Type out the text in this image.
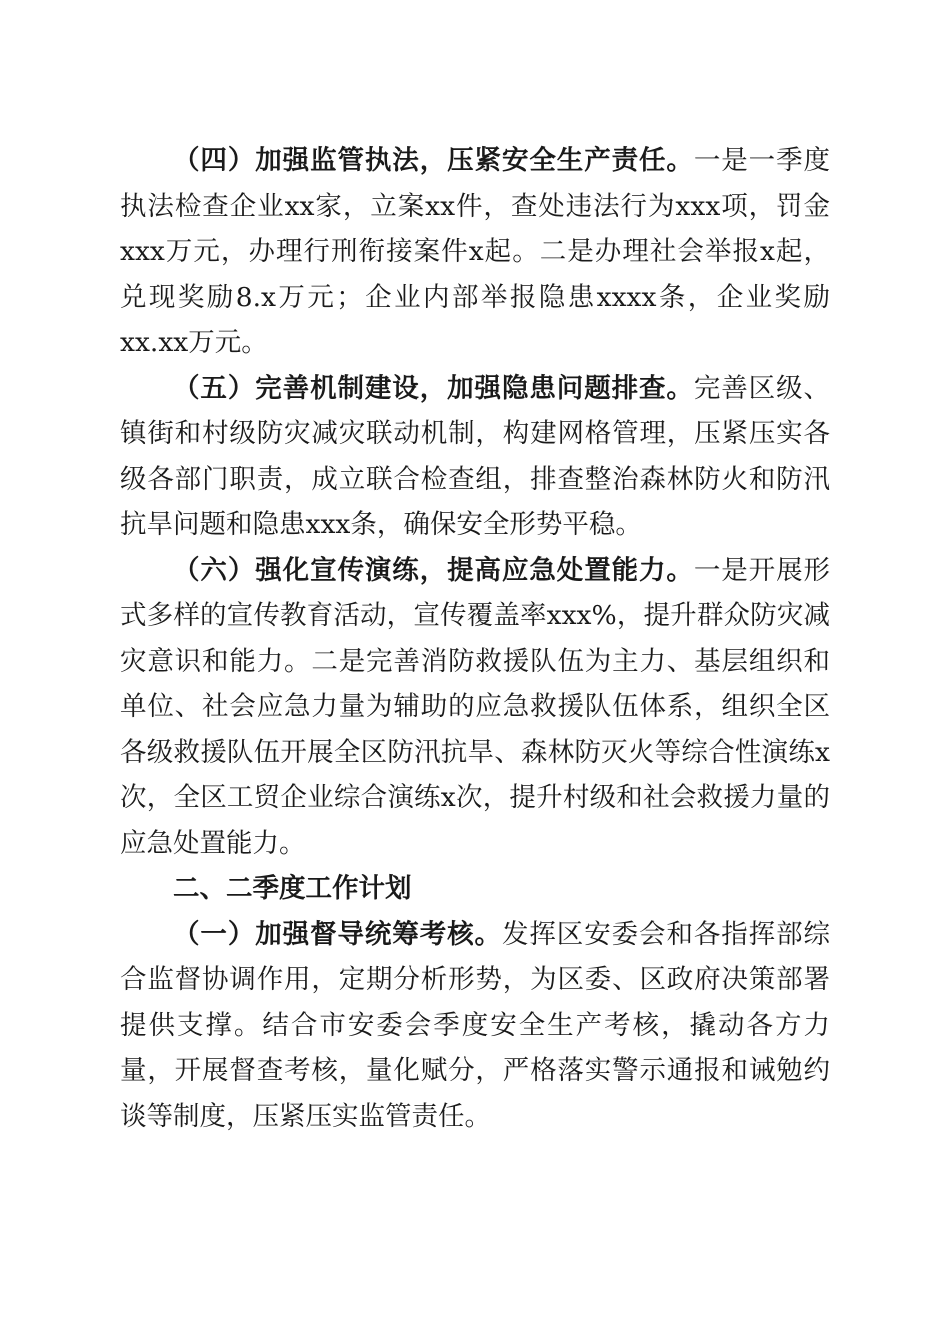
（四）加强监管执法，压紧安全生产责任。一是一季度执法检查企业xx家，立案xx件，查处违法行为xxx项，罚金xxx万元，办理行刑衔接案件x起。二是办理社会举报x起，兑现奖励8.x万元；企业内部举报隐患xxxx条，企业奖励xx.xx万元。

（五）完善机制建设，加强隐患问题排查。完善区级、镇街和村级防灾减灾联动机制，构建网格管理，压紧压实各级各部门职责，成立联合检查组，排查整治森林防火和防汛抗旱问题和隐患xxx条，确保安全形势平稳。

（六）强化宣传演练，提高应急处置能力。一是开展形式多样的宣传教育活动，宣传覆盖率xxx%，提升群众防灾减灾意识和能力。二是完善消防救援队伍为主力、基层组织和单位、社会应急力量为辅助的应急救援队伍体系，组织全区各级救援队伍开展全区防汛抗旱、森林防灭火等综合性演练x次，全区工贸企业综合演练x次，提升村级和社会救援力量的应急处置能力。

二、二季度工作计划

（一）加强督导统筹考核。发挥区安委会和各指挥部综合监督协调作用，定期分析形势，为区委、区政府决策部署提供支撑。结合市安委会季度安全生产考核，撬动各方力量，开展督查考核，量化赋分，严格落实警示通报和诫勉约谈等制度，压紧压实监管责任。
